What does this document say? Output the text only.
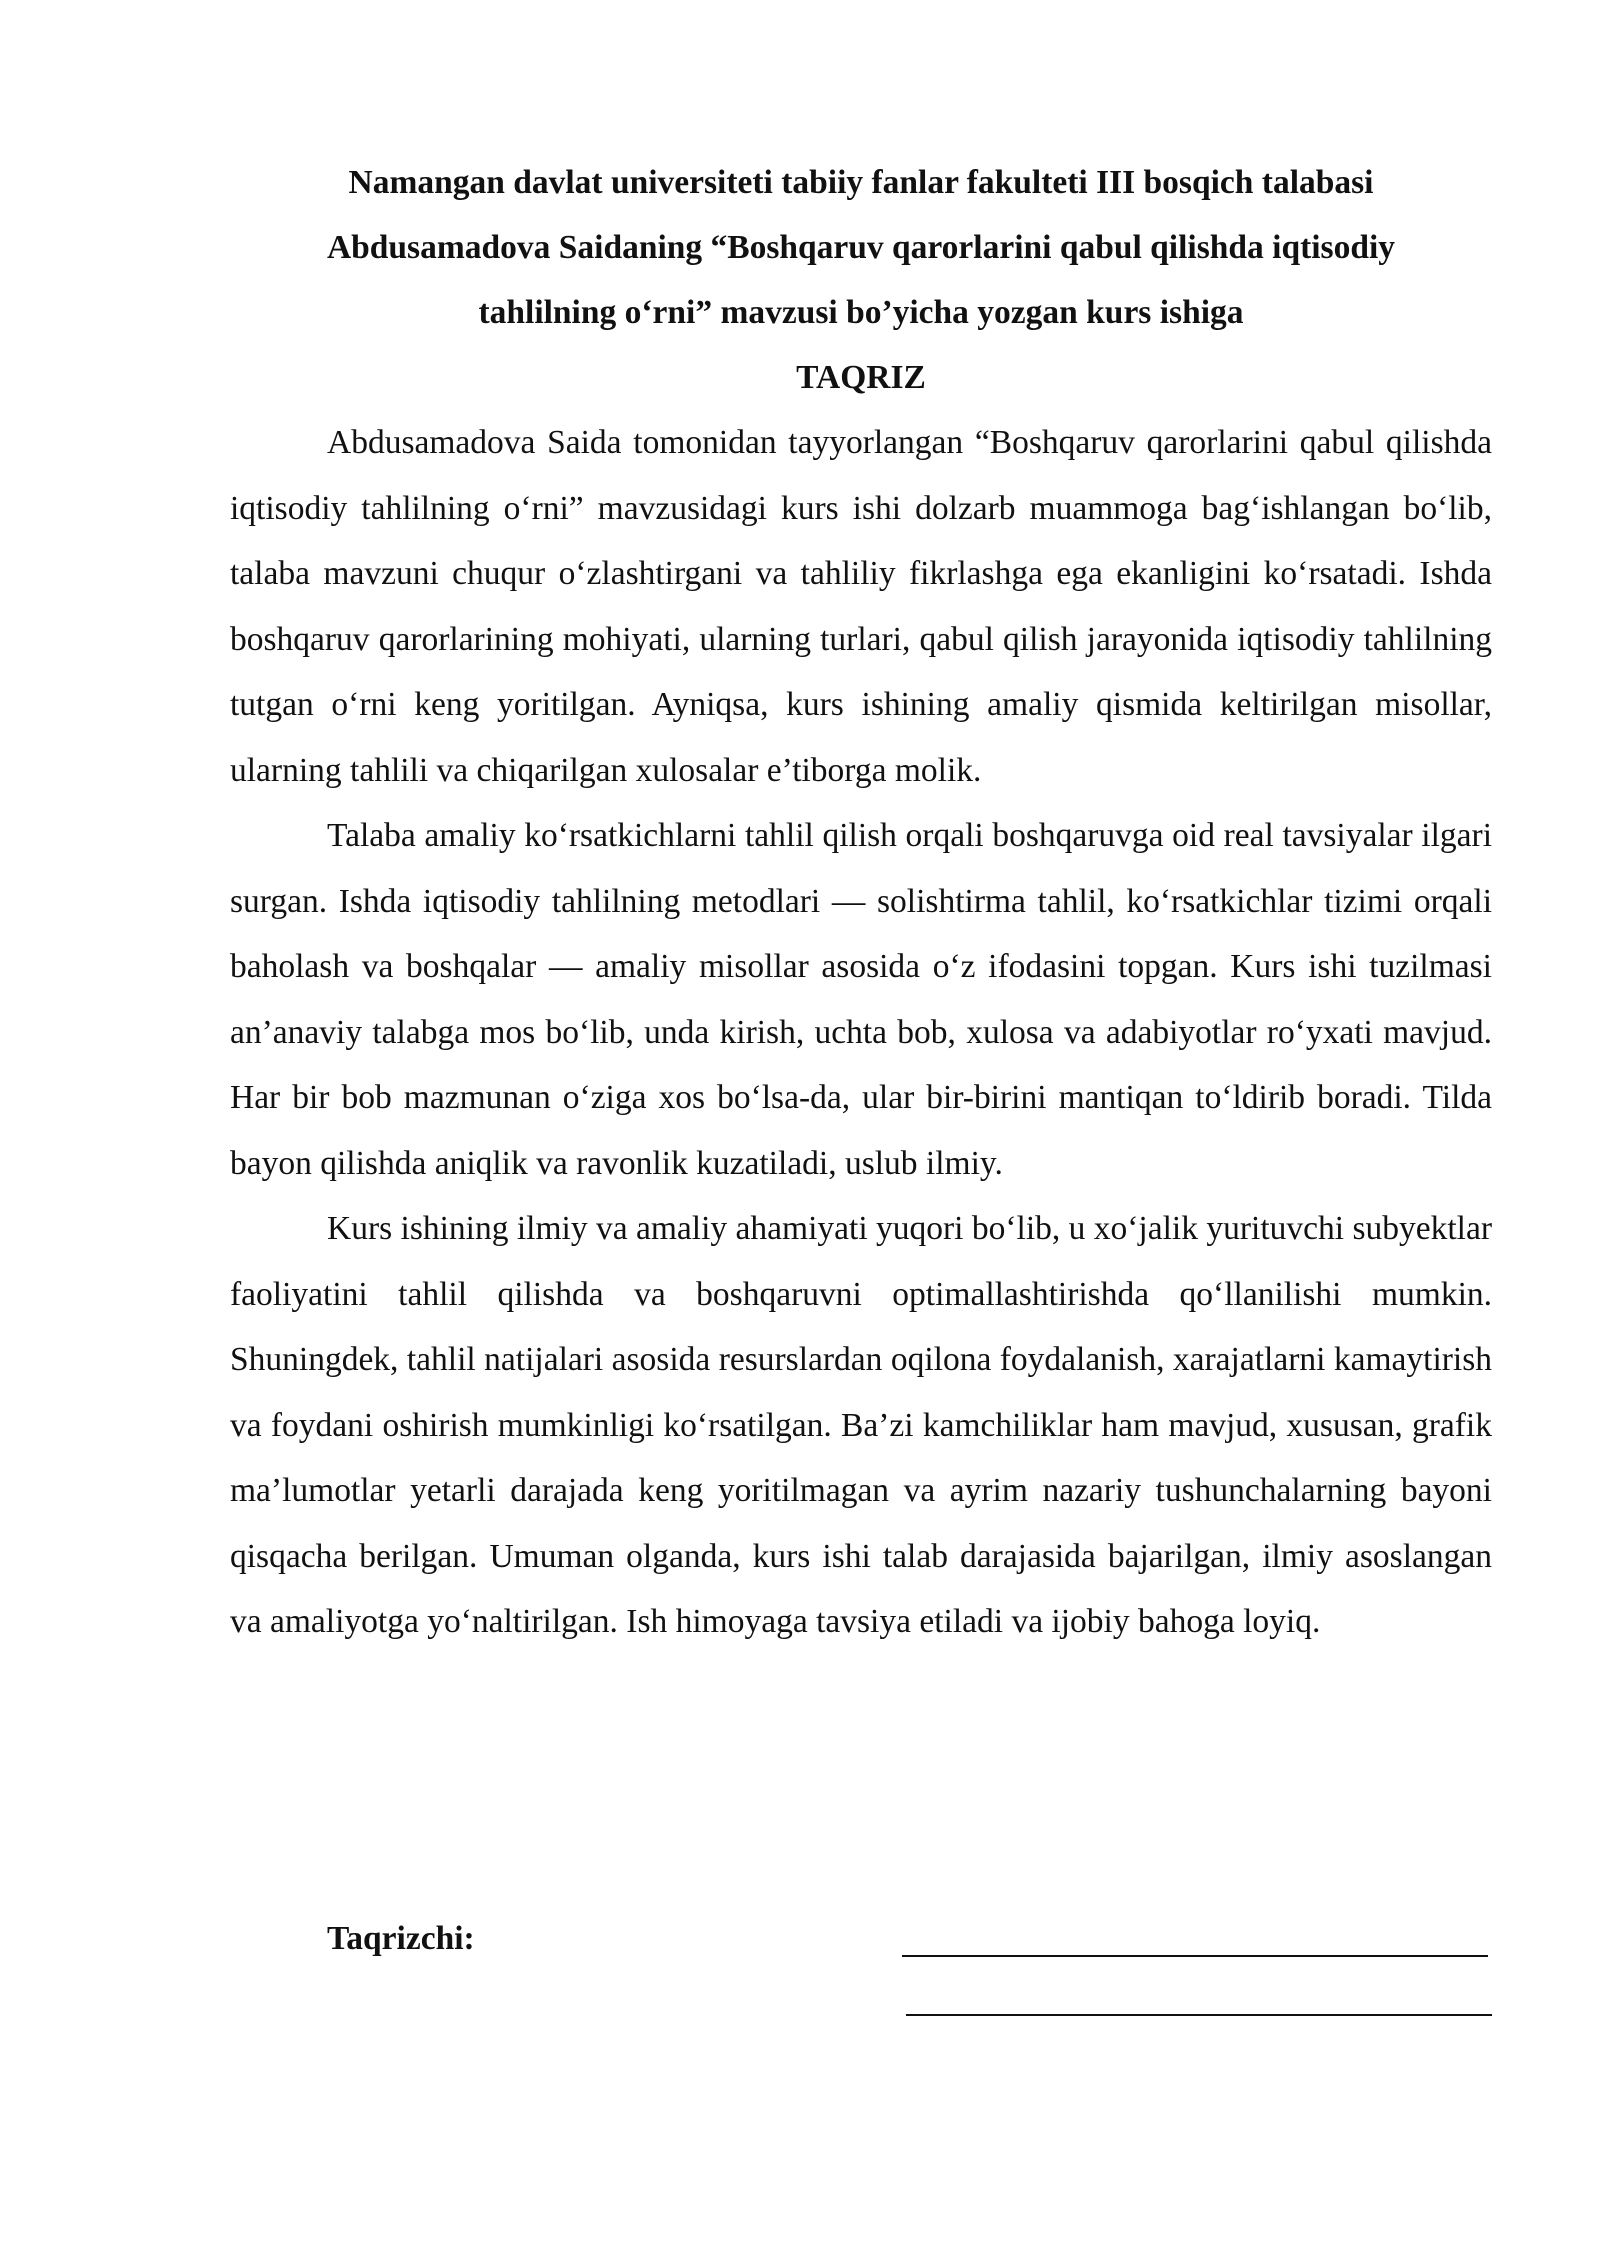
Namangan davlat universiteti tabiiy fanlar fakulteti III bosqich talabasi Abdusamadova Saidaning “Boshqaruv qarorlarini qabul qilishda iqtisodiy tahlilning o‘rni” mavzusi bo’yicha yozgan kurs ishiga

TAQRIZ

Abdusamadova Saida tomonidan tayyorlangan “Boshqaruv qarorlarini qabul qilishda iqtisodiy tahlilning o‘rni” mavzusidagi kurs ishi dolzarb muammoga bag‘ishlangan bo‘lib, talaba mavzuni chuqur o‘zlashtirgani va tahliliy fikrlashga ega ekanligini ko‘rsatadi. Ishda boshqaruv qarorlarining mohiyati, ularning turlari, qabul qilish jarayonida iqtisodiy tahlilning tutgan o‘rni keng yoritilgan. Ayniqsa, kurs ishining amaliy qismida keltirilgan misollar, ularning tahlili va chiqarilgan xulosalar e’tiborga molik.

Talaba amaliy ko‘rsatkichlarni tahlil qilish orqali boshqaruvga oid real tavsiyalar ilgari surgan. Ishda iqtisodiy tahlilning metodlari — solishtirma tahlil, ko‘rsatkichlar tizimi orqali baholash va boshqalar — amaliy misollar asosida o‘z ifodasini topgan. Kurs ishi tuzilmasi an’anaviy talabga mos bo‘lib, unda kirish, uchta bob, xulosa va adabiyotlar ro‘yxati mavjud. Har bir bob mazmunan o‘ziga xos bo‘lsa-da, ular bir-birini mantiqan to‘ldirib boradi. Tilda bayon qilishda aniqlik va ravonlik kuzatiladi, uslub ilmiy.

Kurs ishining ilmiy va amaliy ahamiyati yuqori bo‘lib, u xo‘jalik yurituvchi subyektlar faoliyatini tahlil qilishda va boshqaruvni optimallashtirishda qo‘llanilishi mumkin. Shuningdek, tahlil natijalari asosida resurslardan oqilona foydalanish, xarajatlarni kamaytirish va foydani oshirish mumkinligi ko‘rsatilgan. Ba’zi kamchiliklar ham mavjud, xususan, grafik ma’lumotlar yetarli darajada keng yoritilmagan va ayrim nazariy tushunchalarning bayoni qisqacha berilgan. Umuman olganda, kurs ishi talab darajasida bajarilgan, ilmiy asoslangan va amaliyotga yo‘naltirilgan. Ish himoyaga tavsiya etiladi va ijobiy bahoga loyiq.

Taqrizchi:
